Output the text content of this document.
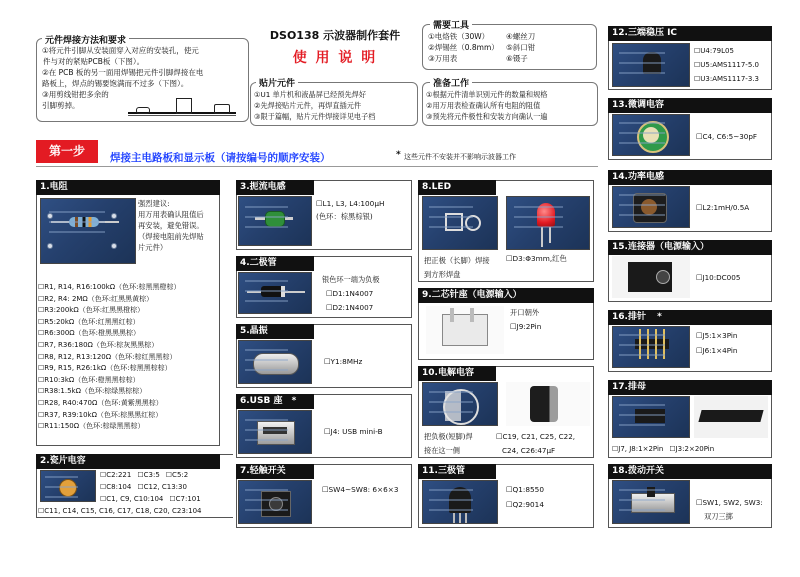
元件焊接方法和要求
①将元件引脚从安装面穿入对应的安装孔，使元
件与对的紧贴PCB板（下图）。
②在 PCB 板的另一面用焊锡把元件引脚焊接在电
路板上，焊点的锡要饱满而不过多（下图）。
③用剪线钳把多余的
引脚剪掉。
DSO138 示波器制作套件
使 用 说 明
需要工具
①电烙铁（30W）	④螺丝刀
②焊锡丝（0.8mm） ⑤斜口钳
③万用表	⑥镊子
贴片元件
①U1 单片机和液晶屏已经预先焊好
②先焊接贴片元件，再焊直插元件
③限于篇幅，贴片元件焊接详见电子档
准备工作
①根据元件清单识别元件的数量和规格
②用万用表检查确认所有电阻的阻值
③预先将元件极性和安装方向确认一遍
第一步	焊接主电路板和显示板（请按编号的顺序安装）	* 这些元件不安装并不影响示波器工作
1.电阻
强烈建议:
用万用表确认阻值后
再安装，避免错误。
（焊接电阻前先焊贴
片元件）
☐R1, R14, R16:100kΩ（色环:棕黑黑橙棕）
☐R2, R4: 2MΩ（色环:红黑黑黄棕）
☐R3:200kΩ（色环:红黑黑橙棕）
☐R5:20kΩ（色环:红黑黑红棕）
☐R6:300Ω（色环:橙黑黑黑棕）
☐R7, R36:180Ω（色环:棕灰黑黑棕）
☐R8, R12, R13:120Ω（色环:棕红黑黑棕）
☐R9, R15, R26:1kΩ（色环:棕黑黑棕棕）
☐R10:3kΩ（色环:橙黑黑棕棕）
☐R38:1.5kΩ（色环:棕绿黑棕棕）
☐R28, R40:470Ω（色环:黄紫黑黑棕）
☐R37, R39:10kΩ（色环:棕黑黑红棕）
☐R11:150Ω（色环:棕绿黑黑棕）
2.瓷片电容
☐C2:221 ☐C3:5 ☐C5:2
☐C8:104 ☐C12, C13:30
☐C1, C9, C10:104 ☐C7:101
☐C11, C14, C15, C16, C17, C18, C20, C23:104
3.扼流电感
☐L1, L3, L4:100μH
(色环：棕黑棕银)
4.二极管
银色环一端为负极
☐D1:1N4007
☐D2:1N4007
5.晶振
☐Y1:8MHz
6.USB 座 *
☐J4: USB mini-B
7.轻触开关
☐SW4~SW8: 6×6×3
8.LED
把正极（长脚）焊接
到方形焊盘
☐D3:Φ3mm,红色
9.二芯针座（电源输入）
开口朝外
☐J9:2Pin
10.电解电容
把负极(短脚)焊
接在这一侧
☐C19, C21, C25, C22,
C24, C26:47μF
11.三极管
☐Q1:8550
☐Q2:9014
12.三端稳压 IC
☐U4:79L05
☐U5:AMS1117-5.0
☐U3:AMS1117-3.3
13.微调电容
☐C4, C6:5~30pF
14.功率电感
☐L2:1mH/0.5A
15.连接器（电源输入）
☐J10:DC005
16.排针 *
☐J5:1×3Pin
☐J6:1×4Pin
17.排母
☐J7, J8:1×2Pin ☐J3:2×20Pin
18.拨动开关
☐SW1, SW2, SW3:
双刀三掷
